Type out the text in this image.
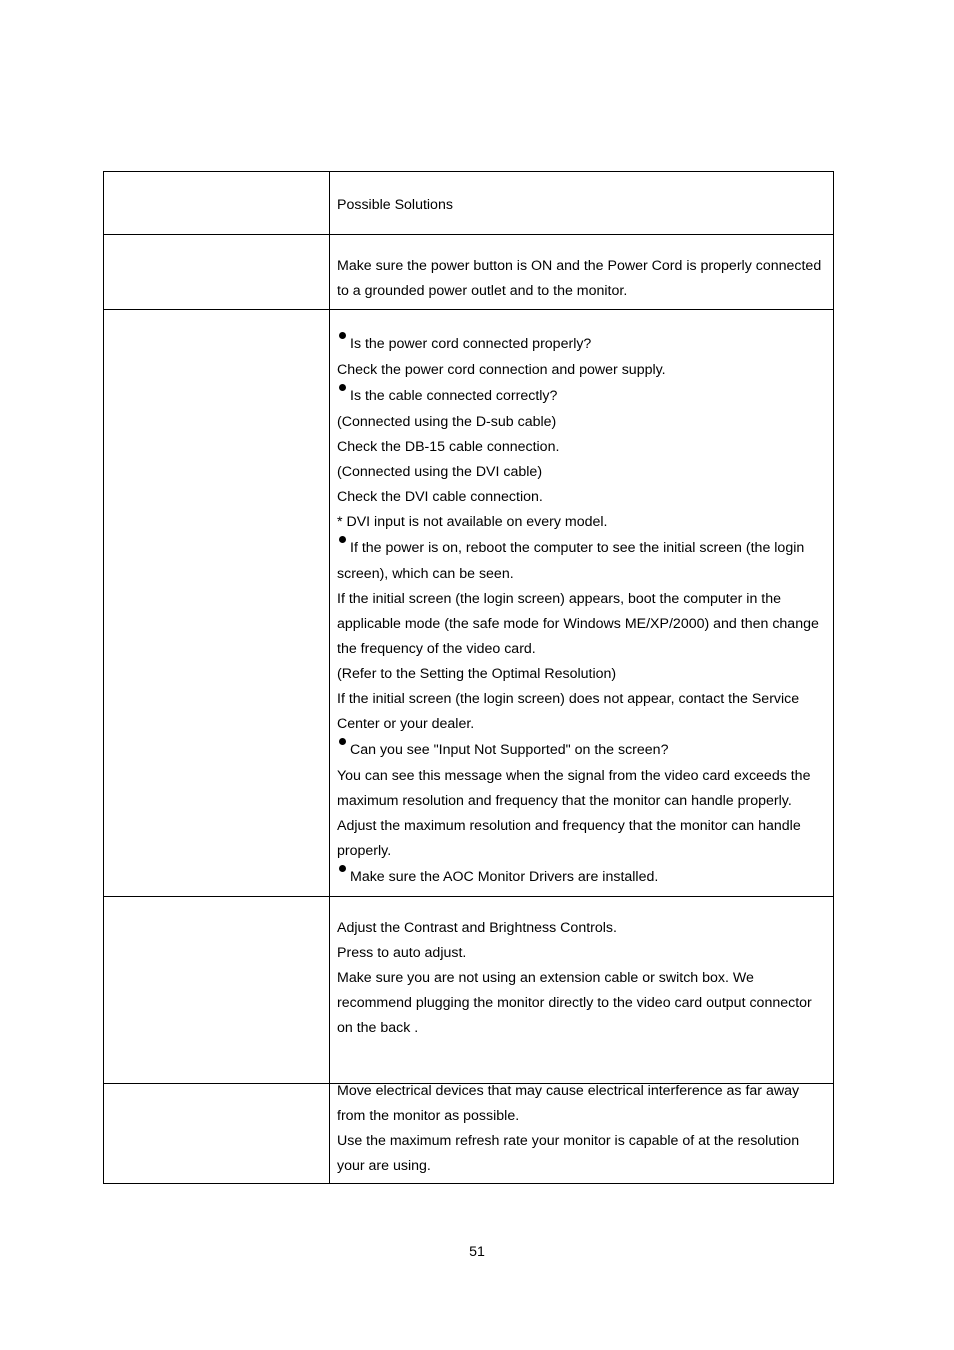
Possible Solutions
Make sure the power button is ON and the Power Cord is properly connected
to a grounded power outlet and to the monitor.
Is the power cord connected properly?
Check the power cord connection and power supply.
Is the cable connected correctly?
(Connected using the D-sub cable)
Check the DB-15 cable connection.
(Connected using the DVI cable)
Check the DVI cable connection.
* DVI input is not available on every model.
If the power is on, reboot the computer to see the initial screen (the login
screen), which can be seen.
If the initial screen (the login screen) appears, boot the computer in the
applicable mode (the safe mode for Windows ME/XP/2000) and then change
the frequency of the video card.
(Refer to the Setting the Optimal Resolution)
If the initial screen (the login screen) does not appear, contact the Service
Center or your dealer.
Can you see "Input Not Supported" on the screen?
You can see this message when the signal from the video card exceeds the
maximum resolution and frequency that the monitor can handle properly.
Adjust the maximum resolution and frequency that the monitor can handle
properly.
Make sure the AOC Monitor Drivers are installed.
Adjust the Contrast and Brightness Controls.
Press to auto adjust.
Make sure you are not using an extension cable or switch box. We
recommend plugging the monitor directly to the video card output connector
on the back .
Move electrical devices that may cause electrical interference as far away
from the monitor as possible.
Use the maximum refresh rate your monitor is capable of at the resolution
your are using.
51
